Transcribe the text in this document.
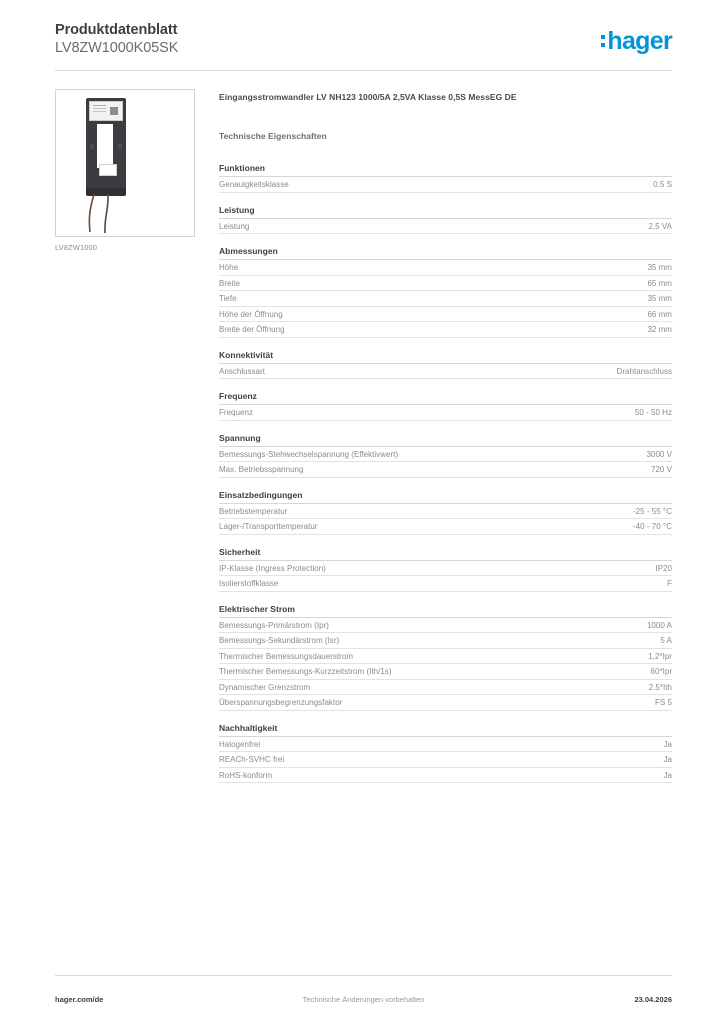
Produktdatenblatt
LV8ZW1000K05SK	hager
LV8ZW1000
Eingangsstromwandler LV NH123 1000/5A 2,5VA Klasse 0,5S MessEG DE
Technische Eigenschaften
Funktionen
Genauigkeitsklasse	0.5 S
Leistung
Leistung	2,5 VA
Abmessungen
Höhe	35 mm
Breite	65 mm
Tiefe	35 mm
Höhe der Öffnung	66 mm
Breite der Öffnung	32 mm
Konnektivität
Anschlussart	Drahtanschluss
Frequenz
Frequenz	50 - 50 Hz
Spannung
Bemessungs-Stehwechselspannung (Effektivwert)	3000 V
Max. Betriebsspannung	720 V
Einsatzbedingungen
Betriebstemperatur	-25 - 55 °C
Lager-/Transporttemperatur	-40 - 70 °C
Sicherheit
IP-Klasse (Ingress Protection)	IP20
Isolierstoffklasse	F
Elektrischer Strom
Bemessungs-Primärstrom (Ipr)	1000 A
Bemessungs-Sekundärstrom (Isr)	5 A
Thermischer Bemessungsdauerstrom	1,2*Ipr
Thermischer Bemessungs-Kurzzeitstrom (Ith/1s)	60*Ipr
Dynamischer Grenzstrom	2.5*Ith
Überspannungsbegrenzungsfaktor	FS 5
Nachhaltigkeit
Halogenfrei	Ja
REACh-SVHC frei	Ja
RoHS-konform	Ja
hager.com/de	Technische Änderungen vorbehalten	23.04.2026
